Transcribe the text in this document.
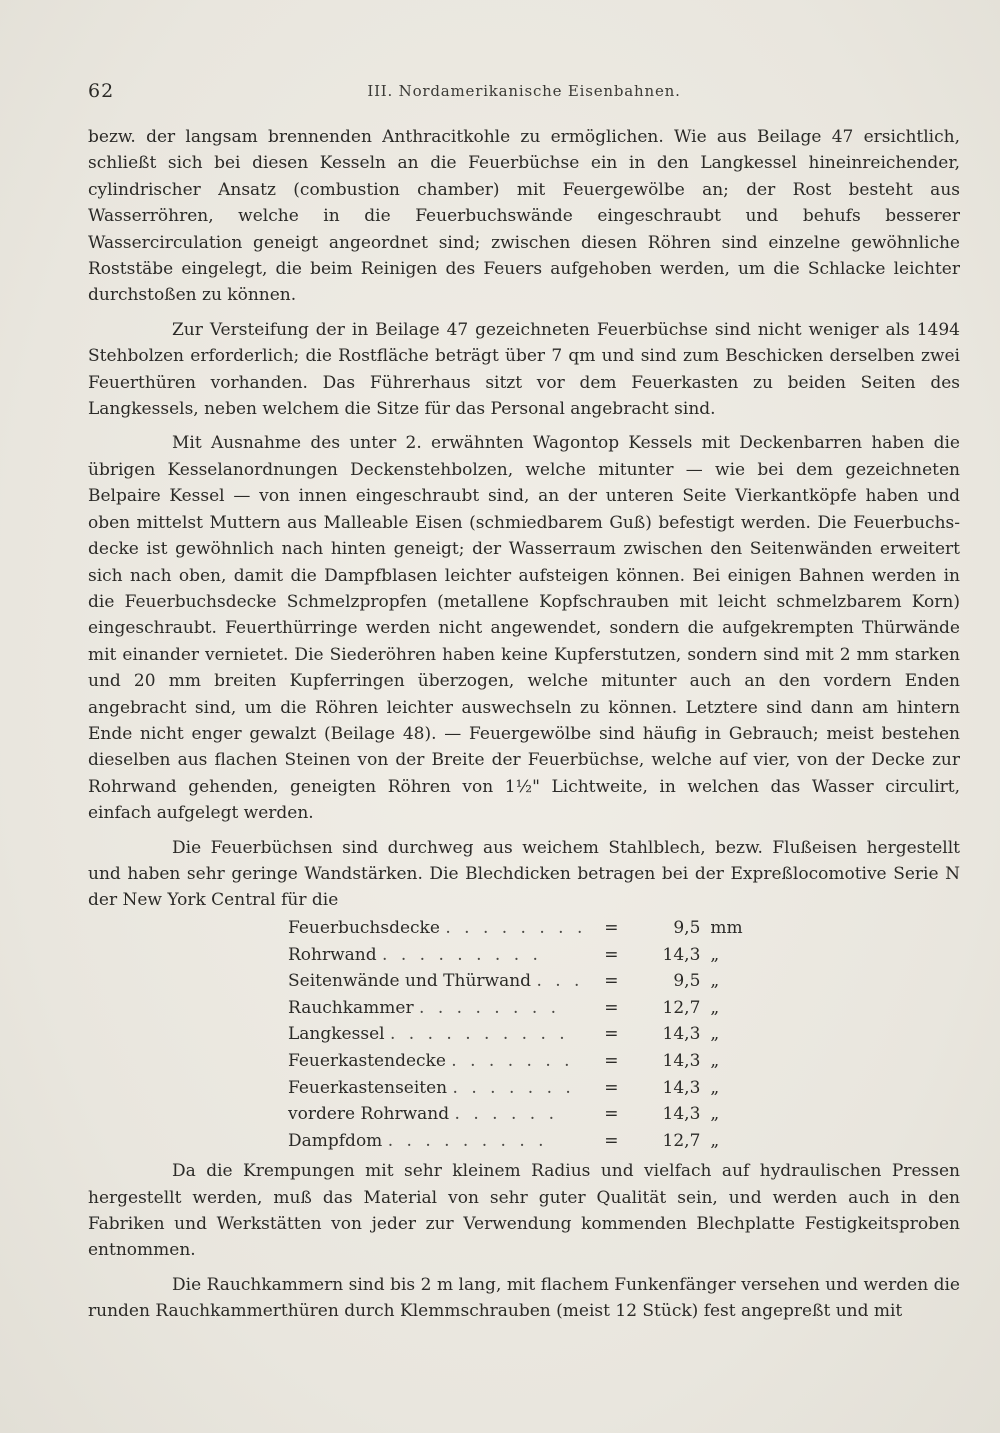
62	III. Nordamerikanische Eisenbahnen.

bezw. der langsam brennenden Anthracitkohle zu ermöglichen. Wie aus Beilage 47 ersichtlich, schließt sich bei diesen Kesseln an die Feuerbüchse ein in den Langkessel hineinreichender, cylindrischer Ansatz (combustion chamber) mit Feuergewölbe an; der Rost besteht aus Wasserröhren, welche in die Feuerbuchswände eingeschraubt und behufs besserer Wassercirculation geneigt angeordnet sind; zwischen diesen Röhren sind einzelne gewöhnliche Roststäbe eingelegt, die beim Reinigen des Feuers aufgehoben werden, um die Schlacke leichter durchstoßen zu können.

Zur Versteifung der in Beilage 47 gezeichneten Feuerbüchse sind nicht weniger als 1494 Stehbolzen erforderlich; die Rostfläche beträgt über 7 qm und sind zum Beschicken derselben zwei Feuerthüren vorhanden. Das Führerhaus sitzt vor dem Feuerkasten zu beiden Seiten des Langkessels, neben welchem die Sitze für das Personal angebracht sind.

Mit Ausnahme des unter 2. erwähnten Wagontop Kessels mit Deckenbarren haben die übrigen Kesselanordnungen Deckenstehbolzen, welche mitunter — wie bei dem gezeichneten Belpaire Kessel — von innen eingeschraubt sind, an der unteren Seite Vierkantköpfe haben und oben mittelst Muttern aus Malleable Eisen (schmiedbarem Guß) befestigt werden. Die Feuerbuchsdecke ist gewöhnlich nach hinten geneigt; der Wasserraum zwischen den Seitenwänden erweitert sich nach oben, damit die Dampfblasen leichter aufsteigen können. Bei einigen Bahnen werden in die Feuerbuchsdecke Schmelzpropfen (metallene Kopfschrauben mit leicht schmelzbarem Korn) eingeschraubt. Feuerthürringe werden nicht angewendet, sondern die aufgekrempten Thürwände mit einander vernietet. Die Siederöhren haben keine Kupferstutzen, sondern sind mit 2 mm starken und 20 mm breiten Kupferringen überzogen, welche mitunter auch an den vordern Enden angebracht sind, um die Röhren leichter auswechseln zu können. Letztere sind dann am hintern Ende nicht enger gewalzt (Beilage 48). — Feuergewölbe sind häufig in Gebrauch; meist bestehen dieselben aus flachen Steinen von der Breite der Feuerbüchse, welche auf vier, von der Decke zur Rohrwand gehenden, geneigten Röhren von 1½" Lichtweite, in welchen das Wasser circulirt, einfach aufgelegt werden.

Die Feuerbüchsen sind durchweg aus weichem Stahlblech, bezw. Flußeisen hergestellt und haben sehr geringe Wandstärken. Die Blechdicken betragen bei der Expreßlocomotive Serie N der New York Central für die

Feuerbuchsdecke . . . . . . . .	=	9,5	mm
Rohrwand . . . . . . . . .	=	14,3	„
Seitenwände und Thürwand . . .	=	9,5	„
Rauchkammer . . . . . . . .	=	12,7	„
Langkessel . . . . . . . . . .	=	14,3	„
Feuerkastendecke . . . . . . .	=	14,3	„
Feuerkastenseiten . . . . . . .	=	14,3	„
vordere Rohrwand . . . . . .	=	14,3	„
Dampfdom . . . . . . . . .	=	12,7	„

Da die Krempungen mit sehr kleinem Radius und vielfach auf hydraulischen Pressen hergestellt werden, muß das Material von sehr guter Qualität sein, und werden auch in den Fabriken und Werkstätten von jeder zur Verwendung kommenden Blechplatte Festigkeitsproben entnommen.

Die Rauchkammern sind bis 2 m lang, mit flachem Funkenfänger versehen und werden die runden Rauchkammerthüren durch Klemmschrauben (meist 12 Stück) fest angepreßt und mit
